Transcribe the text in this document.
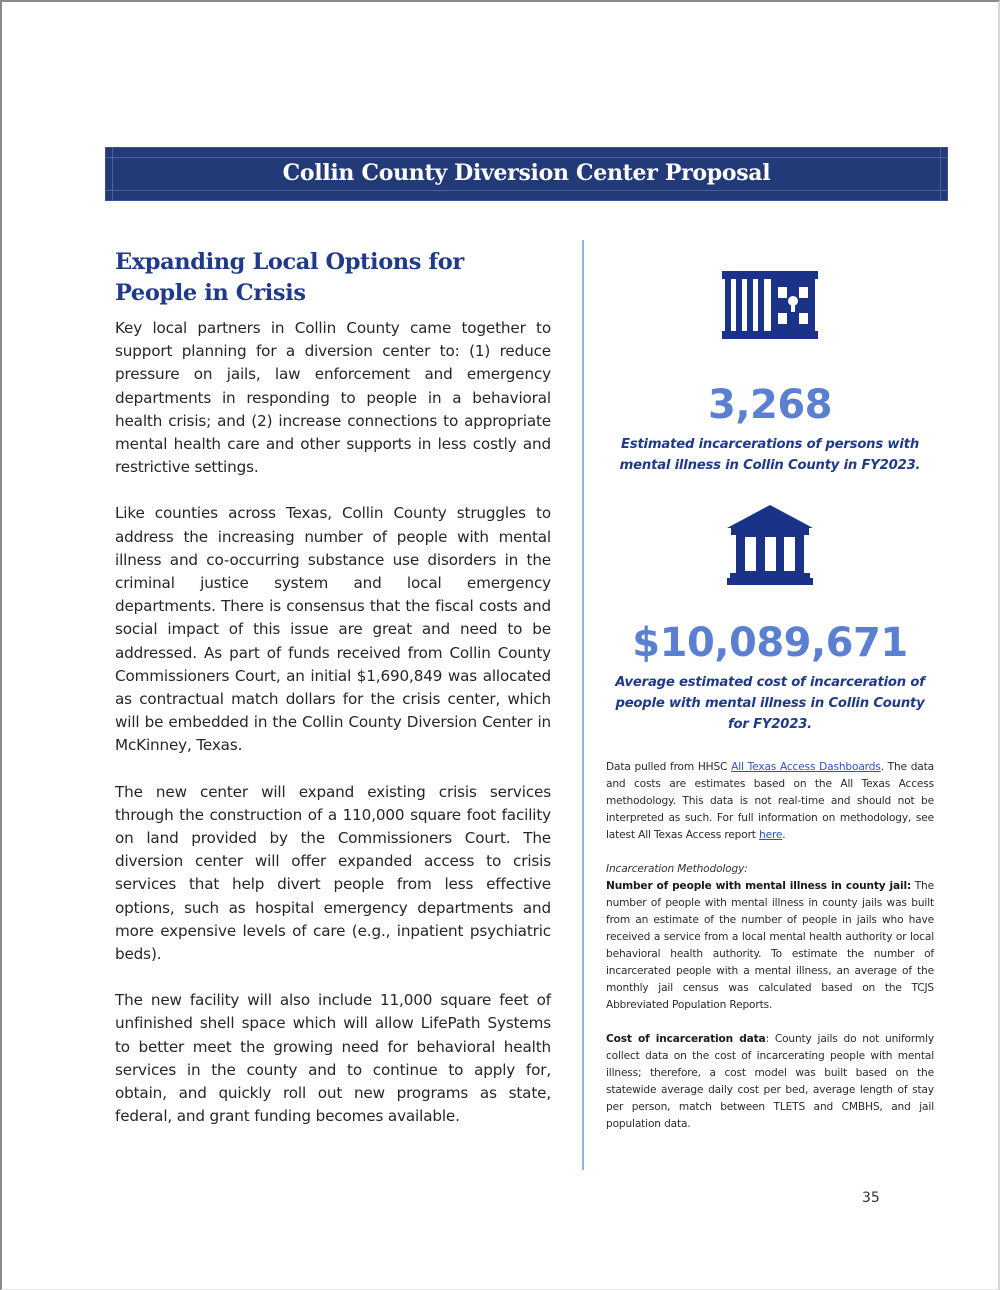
Collin County Diversion Center Proposal
Expanding Local Options for
People in Crisis

Key local partners in Collin County came together to support planning for a diversion center to: (1) reduce pressure on jails, law enforcement and emergency departments in responding to people in a behavioral health crisis; and (2) increase connections to appropriate mental health care and other supports in less costly and restrictive settings.

Like counties across Texas, Collin County struggles to address the increasing number of people with mental illness and co-occurring substance use disorders in the criminal justice system and local emergency departments. There is consensus that the fiscal costs and social impact of this issue are great and need to be addressed. As part of funds received from Collin County Commissioners Court, an initial $1,690,849 was allocated as contractual match dollars for the crisis center, which will be embedded in the Collin County Diversion Center in McKinney, Texas.

The new center will expand existing crisis services through the construction of a 110,000 square foot facility on land provided by the Commissioners Court. The diversion center will offer expanded access to crisis services that help divert people from less effective options, such as hospital emergency departments and more expensive levels of care (e.g., inpatient psychiatric beds).

The new facility will also include 11,000 square feet of unfinished shell space which will allow LifePath Systems to better meet the growing need for behavioral health services in the county and to continue to apply for, obtain, and quickly roll out new programs as state, federal, and grant funding becomes available.

3,268
Estimated incarcerations of persons with
mental illness in Collin County in FY2023.
$10,089,671
Average estimated cost of incarceration of
people with mental illness in Collin County
for FY2023.

Data pulled from HHSC All Texas Access Dashboards. The data and costs are estimates based on the All Texas Access methodology. This data is not real-time and should not be interpreted as such. For full information on methodology, see latest All Texas Access report here.

Incarceration Methodology:

Number of people with mental illness in county jail: The number of people with mental illness in county jails was built from an estimate of the number of people in jails who have received a service from a local mental health authority or local behavioral health authority. To estimate the number of incarcerated people with a mental illness, an average of the monthly jail census was calculated based on the TCJS Abbreviated Population Reports.

Cost of incarceration data: County jails do not uniformly collect data on the cost of incarcerating people with mental illness; therefore, a cost model was built based on the statewide average daily cost per bed, average length of stay per person, match between TLETS and CMBHS, and jail population data.

35
